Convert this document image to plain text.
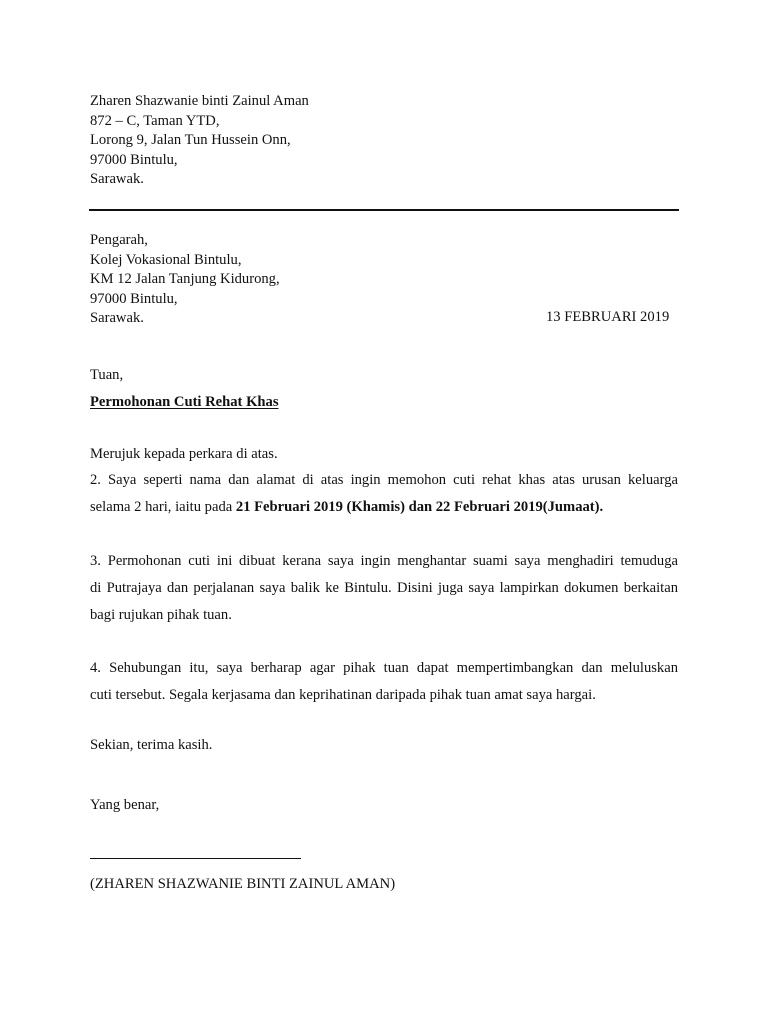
Zharen Shazwanie binti Zainul Aman
872 – C, Taman YTD,
Lorong 9, Jalan Tun Hussein Onn,
97000 Bintulu,
Sarawak.
Pengarah,
Kolej Vokasional Bintulu,
KM 12 Jalan Tanjung Kidurong,
97000 Bintulu,
Sarawak.	13 FEBRUARI 2019
Tuan,
Permohonan Cuti Rehat Khas
Merujuk kepada perkara di atas.
2. Saya seperti nama dan alamat di atas ingin memohon cuti rehat khas atas urusan keluarga
selama 2 hari, iaitu pada 21 Februari 2019 (Khamis) dan 22 Februari 2019(Jumaat).
3. Permohonan cuti ini dibuat kerana saya ingin menghantar suami saya menghadiri temuduga
di Putrajaya dan perjalanan saya balik ke Bintulu. Disini juga saya lampirkan dokumen berkaitan
bagi rujukan pihak tuan.
4. Sehubungan itu, saya berharap agar pihak tuan dapat mempertimbangkan dan meluluskan
cuti tersebut. Segala kerjasama dan keprihatinan daripada pihak tuan amat saya hargai.
Sekian, terima kasih.
Yang benar,
(ZHAREN SHAZWANIE BINTI ZAINUL AMAN)
